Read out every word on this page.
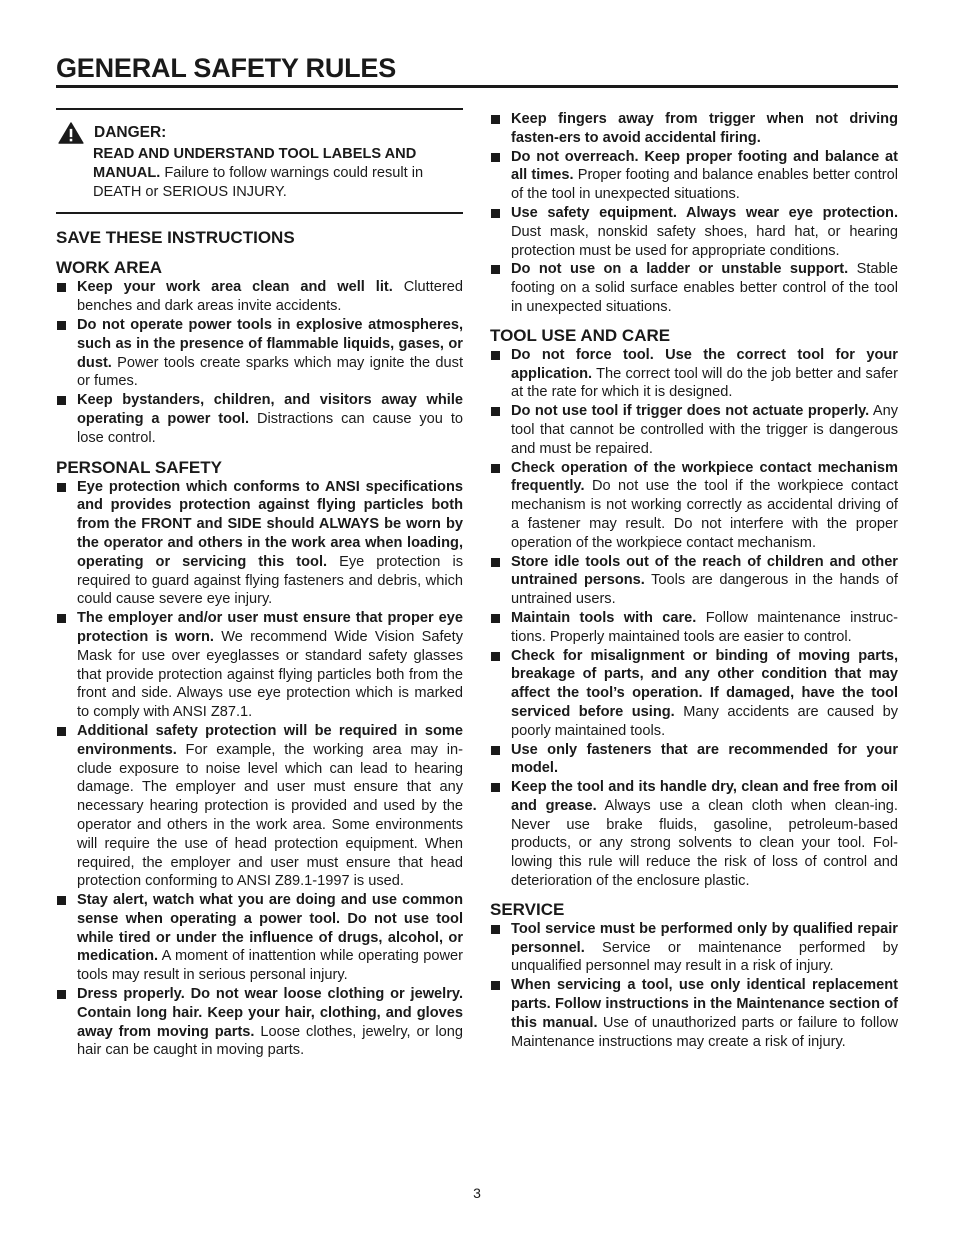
GENERAL SAFETY RULES
DANGER:
READ AND UNDERSTAND TOOL LABELS AND MANUAL. Failure to follow warnings could result in DEATH or SERIOUS INJURY.
SAVE THESE INSTRUCTIONS
WORK AREA
Keep your work area clean and well lit. Cluttered benches and dark areas invite accidents.
Do not operate power tools in explosive atmospheres, such as in the presence of flammable liquids, gases, or dust. Power tools create sparks which may ignite the dust or fumes.
Keep bystanders, children, and visitors away while operating a power tool. Distractions can cause you to lose control.
PERSONAL SAFETY
Eye protection which conforms to ANSI specifications and provides protection against flying particles both from the FRONT and SIDE should ALWAYS be worn by the operator and others in the work area when loading, operating or servicing this tool. Eye protection is required to guard against flying fasteners and debris, which could cause severe eye injury.
The employer and/or user must ensure that proper eye protection is worn. We recommend Wide Vision Safety Mask for use over eyeglasses or standard safety glasses that provide protection against flying particles both from the front and side. Always use eye protection which is marked to comply with ANSI Z87.1.
Additional safety protection will be required in some environments. For example, the working area may in-clude exposure to noise level which can lead to hearing damage. The employer and user must ensure that any necessary hearing protection is provided and used by the operator and others in the work area. Some environments will require the use of head protection equipment. When required, the employer and user must ensure that head protection conforming to ANSI Z89.1-1997 is used.
Stay alert, watch what you are doing and use common sense when operating a power tool. Do not use tool while tired or under the influence of drugs, alcohol, or medication. A moment of inattention while operating power tools may result in serious personal injury.
Dress properly. Do not wear loose clothing or jewelry. Contain long hair. Keep your hair, clothing, and gloves away from moving parts. Loose clothes, jewelry, or long hair can be caught in moving parts.
Keep fingers away from trigger when not driving fasten-ers to avoid accidental firing.
Do not overreach. Keep proper footing and balance at all times. Proper footing and balance enables better control of the tool in unexpected situations.
Use safety equipment. Always wear eye protection. Dust mask, nonskid safety shoes, hard hat, or hearing protection must be used for appropriate conditions.
Do not use on a ladder or unstable support. Stable footing on a solid surface enables better control of the tool in unexpected situations.
TOOL USE AND CARE
Do not force tool. Use the correct tool for your application. The correct tool will do the job better and safer at the rate for which it is designed.
Do not use tool if trigger does not actuate properly. Any tool that cannot be controlled with the trigger is dangerous and must be repaired.
Check operation of the workpiece contact mechanism frequently. Do not use the tool if the workpiece contact mechanism is not working correctly as accidental driving of a fastener may result. Do not interfere with the proper operation of the workpiece contact mechanism.
Store idle tools out of the reach of children and other untrained persons. Tools are dangerous in the hands of untrained users.
Maintain tools with care. Follow maintenance instruc-tions. Properly maintained tools are easier to control.
Check for misalignment or binding of moving parts, breakage of parts, and any other condition that may affect the tool’s operation. If damaged, have the tool serviced before using. Many accidents are caused by poorly maintained tools.
Use only fasteners that are recommended for your model.
Keep the tool and its handle dry, clean and free from oil and grease. Always use a clean cloth when clean-ing. Never use brake fluids, gasoline, petroleum-based products, or any strong solvents to clean your tool. Fol-lowing this rule will reduce the risk of loss of control and deterioration of the enclosure plastic.
SERVICE
Tool service must be performed only by qualified repair personnel. Service or maintenance performed by unqualified personnel may result in a risk of injury.
When servicing a tool, use only identical replacement parts. Follow instructions in the Maintenance section of this manual. Use of unauthorized parts or failure to follow Maintenance instructions may create a risk of injury.
3
